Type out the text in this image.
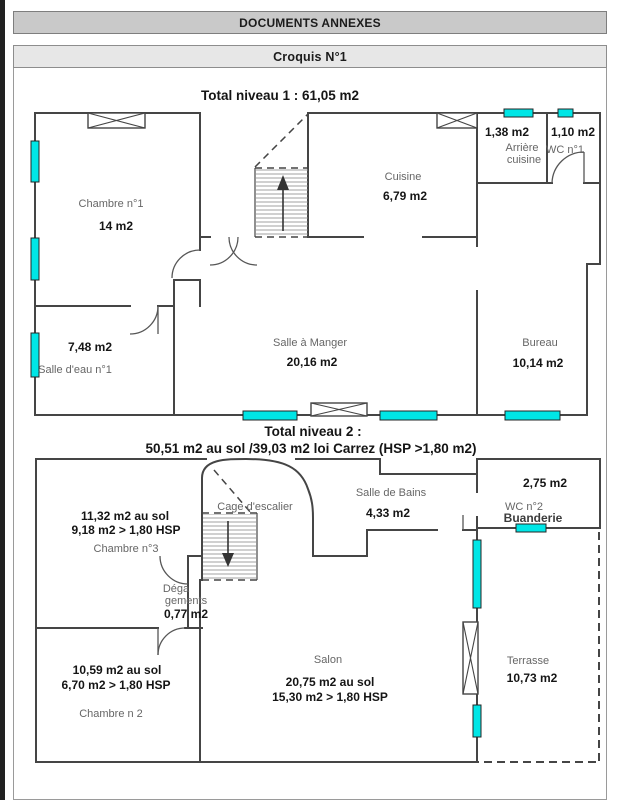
DOCUMENTS ANNEXES
Croquis N°1
Total niveau 1 : 61,05 m2
Chambre n°1
14 m2
Cuisine
6,79 m2
1,38 m2
Arrière
cuisine
1,10 m2
WC n°1
7,48 m2
Salle d'eau n°1
Salle à Manger
20,16 m2
Bureau
10,14 m2
Total niveau 2 :
50,51 m2 au sol /39,03 m2 loi Carrez (HSP >1,80 m2)
11,32 m2 au sol
9,18 m2 > 1,80 HSP
Chambre n°3
Cage d'escalier
Déga
gements
0,77 m2
Salle de Bains
4,33 m2
2,75 m2
WC n°2
Buanderie
10,59 m2 au sol
6,70 m2 > 1,80 HSP
Chambre n 2
Salon
20,75 m2 au sol
15,30 m2 > 1,80 HSP
Terrasse
10,73 m2
